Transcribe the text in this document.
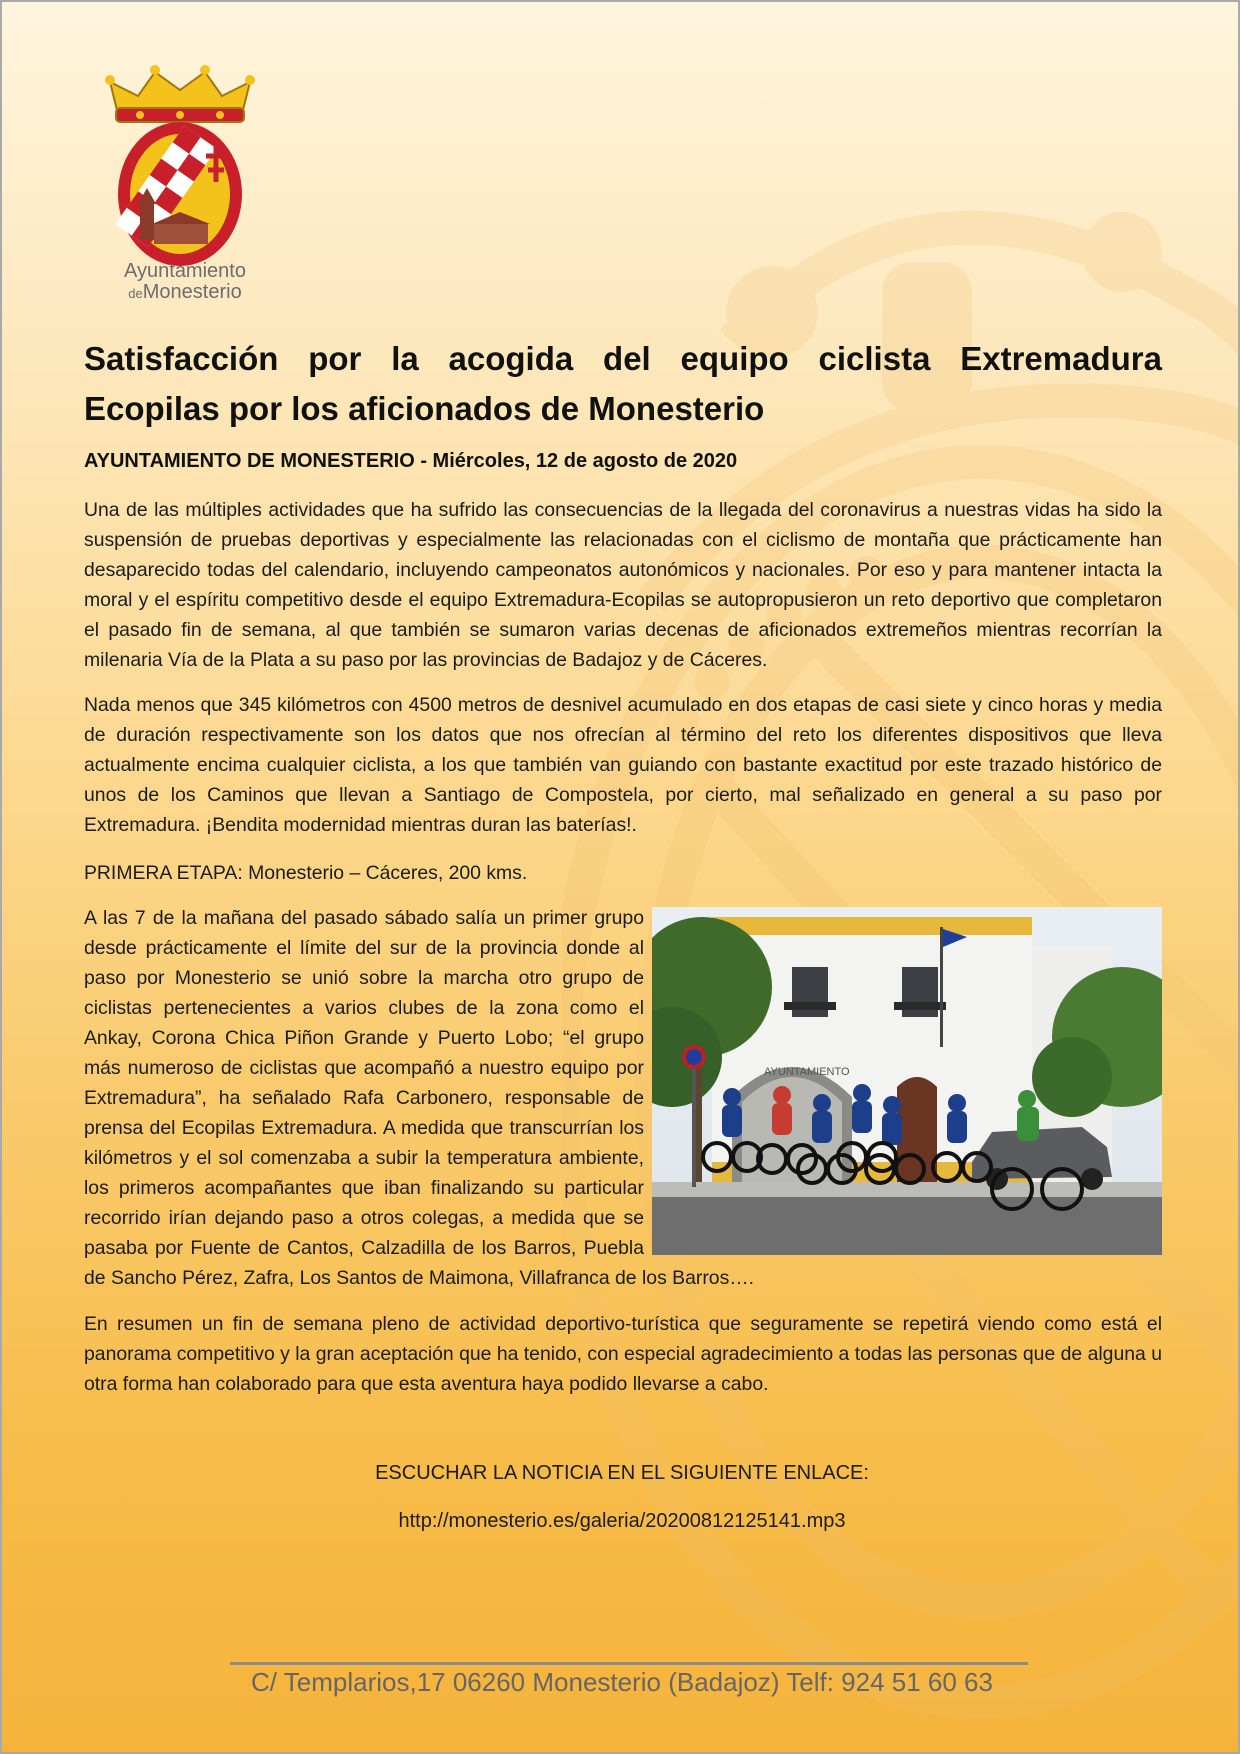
Ayuntamiento
deMonesterio
Satisfacción por la acogida del equipo ciclista Extremadura Ecopilas por los aficionados de Monesterio
AYUNTAMIENTO DE MONESTERIO - Miércoles, 12 de agosto de 2020

Una de las múltiples actividades que ha sufrido las consecuencias de la llegada del coronavirus a nuestras vidas ha sido la suspensión de pruebas deportivas y especialmente las relacionadas con el ciclismo de montaña que prácticamente han desaparecido todas del calendario, incluyendo campeonatos autonómicos y nacionales. Por eso y para mantener intacta la moral y el espíritu competitivo desde el equipo Extremadura-Ecopilas se autopropusieron un reto deportivo que completaron el pasado fin de semana, al que también se sumaron varias decenas de aficionados extremeños mientras recorrían la milenaria Vía de la Plata a su paso por las provincias de Badajoz y de Cáceres.

Nada menos que 345 kilómetros con 4500 metros de desnivel acumulado en dos etapas de casi siete y cinco horas y media de duración respectivamente son los datos que nos ofrecían al término del reto los diferentes dispositivos que lleva actualmente encima cualquier ciclista, a los que también van guiando con bastante exactitud por este trazado histórico de unos de los Caminos que llevan a Santiago de Compostela, por cierto, mal señalizado en general a su paso por Extremadura. ¡Bendita modernidad mientras duran las baterías!.

PRIMERA ETAPA: Monesterio – Cáceres, 200 kms.
AYUNTAMIENTO

A las 7 de la mañana del pasado sábado salía un primer grupo desde prácticamente el límite del sur de la provincia donde al paso por Monesterio se unió sobre la marcha otro grupo de ciclistas pertenecientes a varios clubes de la zona como el Ankay, Corona Chica Piñon Grande y Puerto Lobo; “el grupo más numeroso de ciclistas que acompañó a nuestro equipo por Extremadura”, ha señalado Rafa Carbonero, responsable de prensa del Ecopilas Extremadura. A medida que transcurrían los kilómetros y el sol comenzaba a subir la temperatura ambiente, los primeros acompañantes que iban finalizando su particular recorrido irían dejando paso a otros colegas, a medida que se pasaba por Fuente de Cantos, Calzadilla de los Barros, Puebla de Sancho Pérez, Zafra, Los Santos de Maimona, Villafranca de los Barros….

En resumen un fin de semana pleno de actividad deportivo-turística que seguramente se repetirá viendo como está el panorama competitivo y la gran aceptación que ha tenido, con especial agradecimiento a todas las personas que de alguna u otra forma han colaborado para que esta aventura haya podido llevarse a cabo.

ESCUCHAR LA NOTICIA EN EL SIGUIENTE ENLACE:
http://monesterio.es/galeria/20200812125141.mp3
C/ Templarios,17 06260 Monesterio (Badajoz) Telf: 924 51 60 63
